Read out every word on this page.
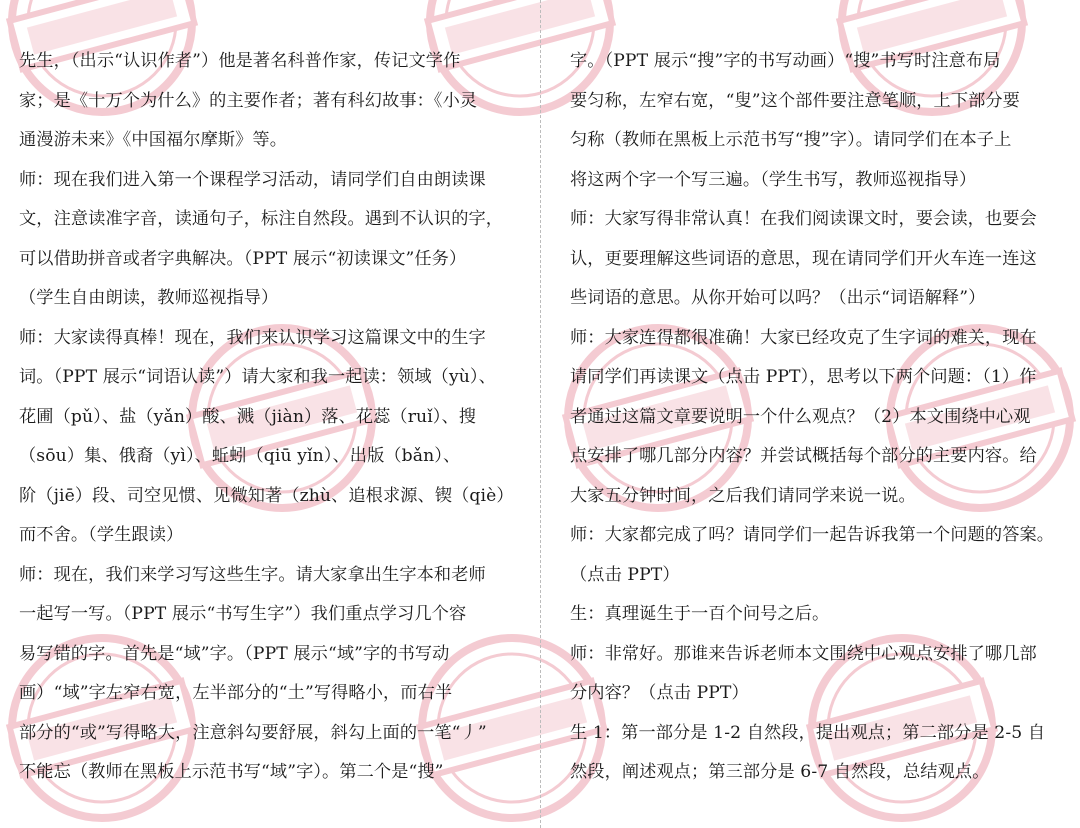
先生，（出示“认识作者”）他是著名科普作家，传记文学作
家；是《十万个为什么》的主要作者；著有科幻故事：《小灵
通漫游未来》《中国福尔摩斯》等。
师：现在我们进入第一个课程学习活动，请同学们自由朗读课
文，注意读准字音，读通句子，标注自然段。遇到不认识的字，
可以借助拼音或者字典解决。（PPT 展示“初读课文”任务）
（学生自由朗读，教师巡视指导）
师：大家读得真棒！现在，我们来认识学习这篇课文中的生字
词。（PPT 展示“词语认读”）请大家和我一起读：领域（yù）、
花圃（pǔ）、盐（yǎn）酸、溅（jiàn）落、花蕊（ruǐ）、搜
（sōu）集、俄裔（yì）、蚯蚓（qiū yǐn）、出版（bǎn）、
阶（jiē）段、司空见惯、见微知著（zhù、追根求源、锲（qiè）
而不舍。（学生跟读）
师：现在，我们来学习写这些生字。请大家拿出生字本和老师
一起写一写。（PPT 展示“书写生字”）我们重点学习几个容
易写错的字。首先是“域”字。（PPT 展示“域”字的书写动
画）“域”字左窄右宽，左半部分的“土”写得略小，而右半
部分的“或”写得略大，注意斜勾要舒展，斜勾上面的一笔“丿”
不能忘（教师在黑板上示范书写“域”字）。第二个是“搜”
字。（PPT 展示“搜”字的书写动画）“搜”书写时注意布局
要匀称，左窄右宽，“叟”这个部件要注意笔顺，上下部分要
匀称（教师在黑板上示范书写“搜”字）。请同学们在本子上
将这两个字一个写三遍。（学生书写，教师巡视指导）
师：大家写得非常认真！在我们阅读课文时，要会读，也要会
认，更要理解这些词语的意思，现在请同学们开火车连一连这
些词语的意思。从你开始可以吗？（出示“词语解释”）
师：大家连得都很准确！大家已经攻克了生字词的难关，现在
请同学们再读课文（点击 PPT），思考以下两个问题：（1）作
者通过这篇文章要说明一个什么观点？（2）本文围绕中心观
点安排了哪几部分内容？并尝试概括每个部分的主要内容。给
大家五分钟时间，之后我们请同学来说一说。
师：大家都完成了吗？请同学们一起告诉我第一个问题的答案。
（点击 PPT）
生：真理诞生于一百个问号之后。
师：非常好。那谁来告诉老师本文围绕中心观点安排了哪几部
分内容？（点击 PPT）
生 1：第一部分是 1-2 自然段，提出观点；第二部分是 2-5 自
然段，阐述观点；第三部分是 6-7 自然段，总结观点。
